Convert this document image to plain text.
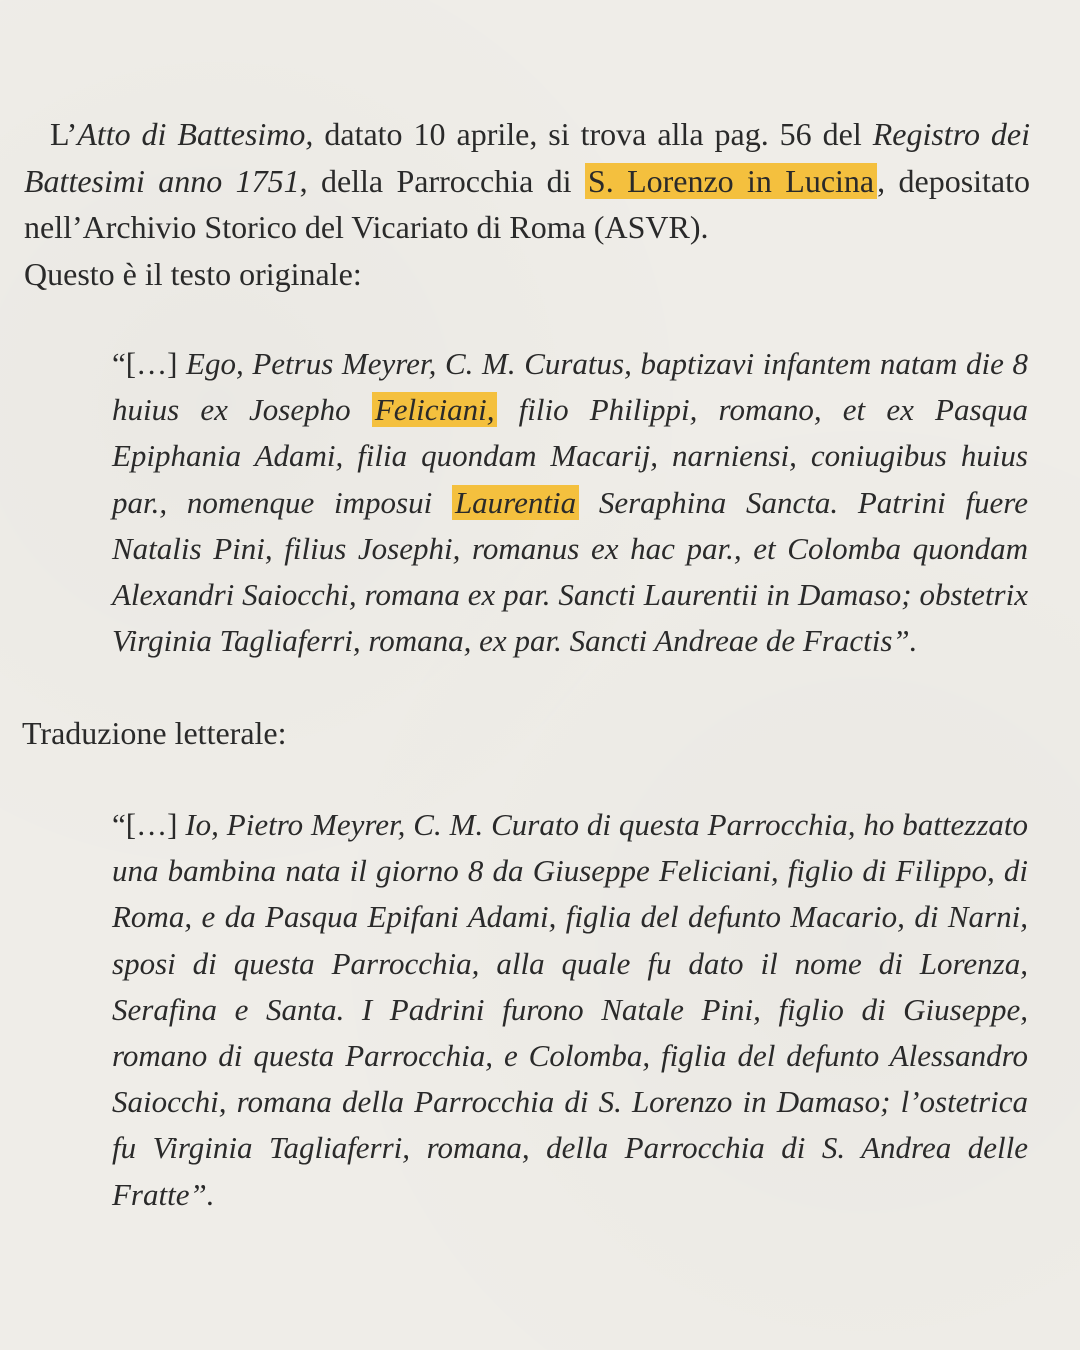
L’Atto di Battesimo, datato 10 aprile, si trova alla pag. 56 del Registro dei Battesimi anno 1751, della Parrocchia di S. Lorenzo in Lucina, depositato nell’Archivio Storico del Vicariato di Roma (ASVR).
Questo è il testo originale:

“[…] Ego, Petrus Meyrer, C. M. Curatus, baptizavi infantem natam die 8 huius ex Josepho Feliciani, filio Philippi, romano, et ex Pasqua Epiphania Adami, filia quondam Macarij, narniensi, coniugibus huius par., nomenque imposui Laurentia Seraphina Sancta. Patrini fuere Natalis Pini, filius Josephi, romanus ex hac par., et Colomba quondam Alexandri Saiocchi, romana ex par. Sancti Laurentii in Damaso; obstetrix Virginia Tagliaferri, romana, ex par. Sancti Andreae de Fractis”.

Traduzione letterale:

“[…] Io, Pietro Meyrer, C. M. Curato di questa Parrocchia, ho battezzato una bambina nata il giorno 8 da Giuseppe Feliciani, figlio di Filippo, di Roma, e da Pasqua Epifani Adami, figlia del defunto Macario, di Narni, sposi di questa Parrocchia, alla quale fu dato il nome di Lorenza, Serafina e Santa. I Padrini furono Natale Pini, figlio di Giuseppe, romano di questa Parrocchia, e Colomba, figlia del defunto Alessandro Saiocchi, romana della Parrocchia di S. Lorenzo in Damaso; l’ostetrica fu Virginia Tagliaferri, romana, della Parrocchia di S. Andrea delle Fratte”.
